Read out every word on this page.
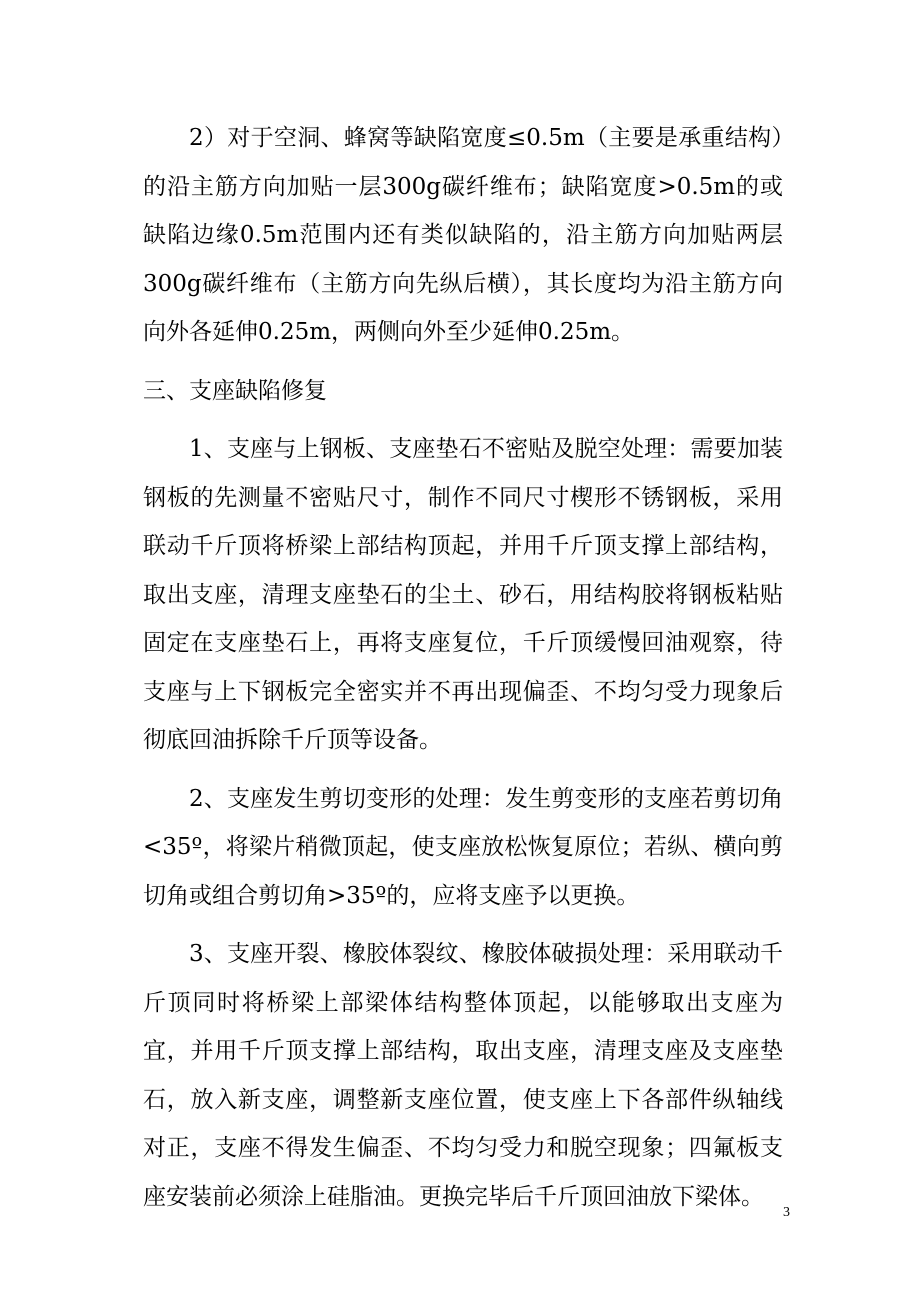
2）对于空洞、蜂窝等缺陷宽度≤0.5m（主要是承重结构）的沿主筋方向加贴一层300g碳纤维布；缺陷宽度>0.5m的或缺陷边缘0.5m范围内还有类似缺陷的，沿主筋方向加贴两层300g碳纤维布（主筋方向先纵后横），其长度均为沿主筋方向向外各延伸0.25m，两侧向外至少延伸0.25m。

三、支座缺陷修复

1、支座与上钢板、支座垫石不密贴及脱空处理：需要加装钢板的先测量不密贴尺寸，制作不同尺寸楔形不锈钢板，采用联动千斤顶将桥梁上部结构顶起，并用千斤顶支撑上部结构，取出支座，清理支座垫石的尘土、砂石，用结构胶将钢板粘贴固定在支座垫石上，再将支座复位，千斤顶缓慢回油观察，待支座与上下钢板完全密实并不再出现偏歪、不均匀受力现象后彻底回油拆除千斤顶等设备。

2、支座发生剪切变形的处理：发生剪变形的支座若剪切角<35º，将梁片稍微顶起，使支座放松恢复原位；若纵、横向剪切角或组合剪切角>35º的，应将支座予以更换。

3、支座开裂、橡胶体裂纹、橡胶体破损处理：采用联动千斤顶同时将桥梁上部梁体结构整体顶起，以能够取出支座为宜，并用千斤顶支撑上部结构，取出支座，清理支座及支座垫石，放入新支座，调整新支座位置，使支座上下各部件纵轴线对正，支座不得发生偏歪、不均匀受力和脱空现象；四氟板支座安装前必须涂上硅脂油。更换完毕后千斤顶回油放下梁体。

3
